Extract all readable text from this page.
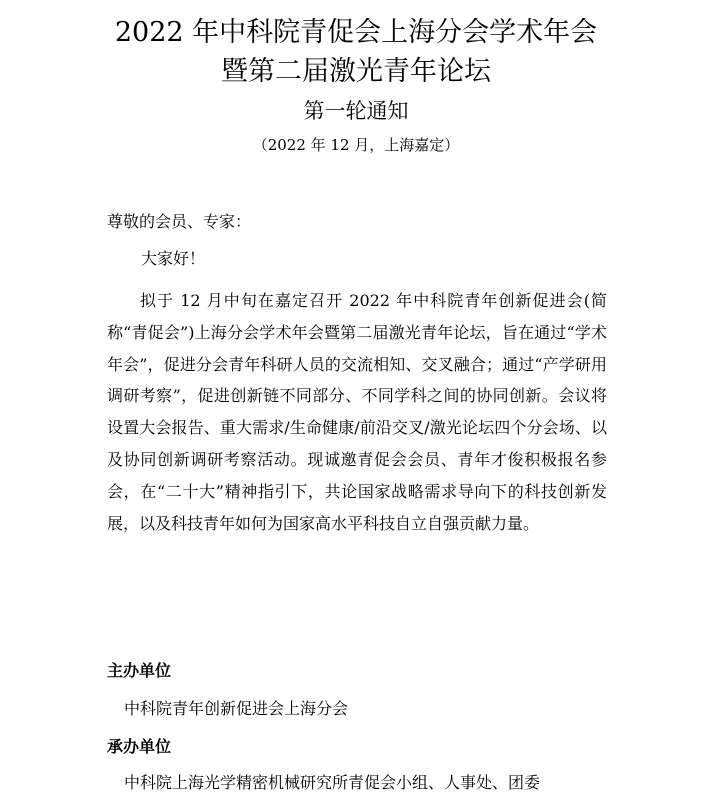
2022 年中科院青促会上海分会学术年会
暨第二届激光青年论坛
第一轮通知
（2022 年 12 月，上海嘉定）
尊敬的会员、专家：
大家好！
拟于 12 月中旬在嘉定召开 2022 年中科院青年创新促进会(简称“青促会”)上海分会学术年会暨第二届激光青年论坛，旨在通过“学术年会”，促进分会青年科研人员的交流相知、交叉融合；通过“产学研用调研考察”，促进创新链不同部分、不同学科之间的协同创新。会议将设置大会报告、重大需求/生命健康/前沿交叉/激光论坛四个分会场、以及协同创新调研考察活动。现诚邀青促会会员、青年才俊积极报名参会，在“二十大”精神指引下，共论国家战略需求导向下的科技创新发展，以及科技青年如何为国家高水平科技自立自强贡献力量。
主办单位
中科院青年创新促进会上海分会
承办单位
中科院上海光学精密机械研究所青促会小组、人事处、团委
